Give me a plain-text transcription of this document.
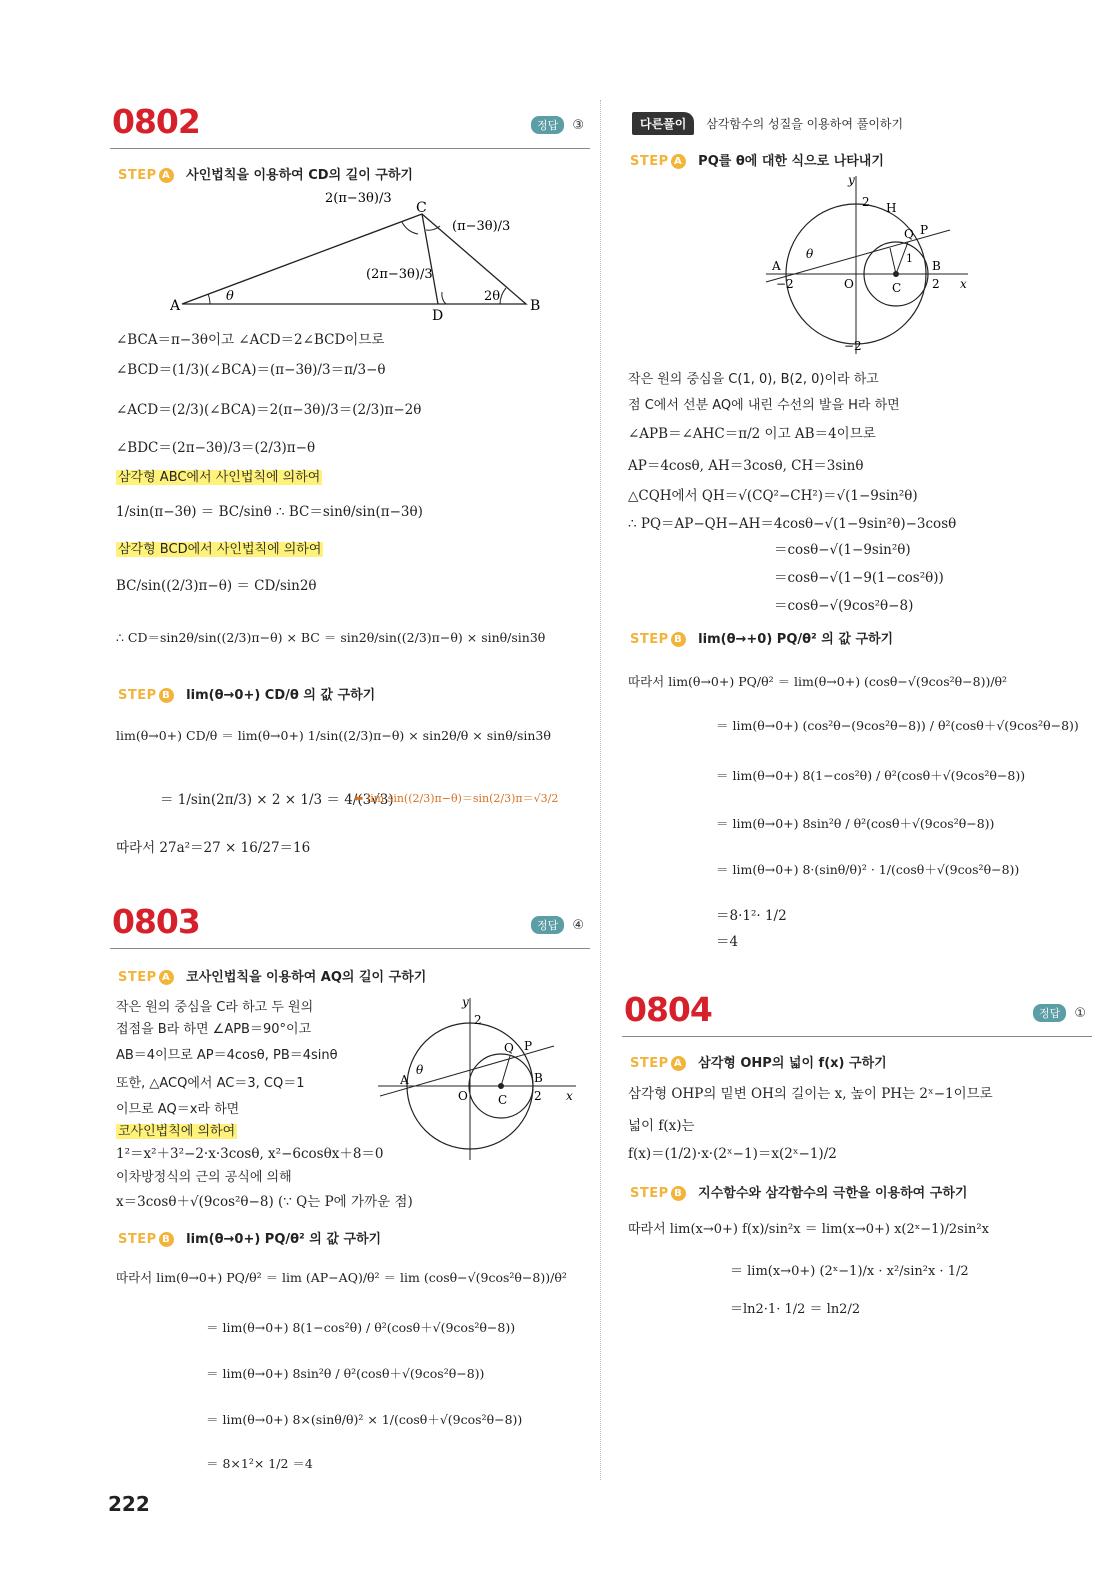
0802	정답 ③
STEP A 사인법칙을 이용하여 CD의 길이 구하기
A	B
C
D
2(π−3θ)/3
(π−3θ)/3
(2π−3θ)/3
θ	2θ
∠BCA＝π−3θ이고 ∠ACD＝2∠BCD이므로
∠BCD＝(1/3)(∠BCA)＝(π−3θ)/3＝π/3−θ
∠ACD＝(2/3)(∠BCA)＝2(π−3θ)/3＝(2/3)π−2θ
∠BDC＝(2π−3θ)/3＝(2/3)π−θ
삼각형 ABC에서 사인법칙에 의하여
1/sin(π−3θ) ＝ BC/sinθ ∴ BC＝sinθ/sin(π−3θ)
삼각형 BCD에서 사인법칙에 의하여
BC/sin((2/3)π−θ) ＝ CD/sin2θ
∴ CD＝sin2θ/sin((2/3)π−θ) × BC ＝ sin2θ/sin((2/3)π−θ) × sinθ/sin3θ
STEP B lim(θ→0+) CD/θ 의 값 구하기
lim(θ→0+) CD/θ ＝ lim(θ→0+) 1/sin((2/3)π−θ) × sin2θ/θ × sinθ/sin3θ
＝ 1/sin(2π/3) × 2 × 1/3 ＝ 4/(3√3)
⬅ lim sin((2/3)π−θ)＝sin(2/3)π＝√3/2
따라서 27a²＝27 × 16/27＝16
0803	정답 ④
STEP A 코사인법칙을 이용하여 AQ의 길이 구하기
작은 원의 중심을 C라 하고 두 원의
접점을 B라 하면 ∠APB＝90°이고
AB＝4이므로 AP＝4cosθ, PB＝4sinθ
또한, △ACQ에서 AC＝3, CQ＝1
이므로 AQ＝x라 하면
코사인법칙에 의하여
1²＝x²＋3²−2·x·3cosθ, x²−6cosθx＋8＝0
이차방정식의 근의 공식에 의해
x＝3cosθ＋√(9cos²θ−8) (∵ Q는 P에 가까운 점)
y
x
2
A
O	C
B
2
Q P
θ
STEP B lim(θ→0+) PQ/θ² 의 값 구하기
따라서 lim(θ→0+) PQ/θ² ＝ lim (AP−AQ)/θ² ＝ lim (cosθ−√(9cos²θ−8))/θ²
＝ lim(θ→0+) 8(1−cos²θ) / θ²(cosθ＋√(9cos²θ−8))
＝ lim(θ→0+) 8sin²θ / θ²(cosθ＋√(9cos²θ−8))
＝ lim(θ→0+) 8×(sinθ/θ)² × 1/(cosθ＋√(9cos²θ−8))
＝ 8×1²× 1/2 ＝4
다른풀이 삼각함수의 성질을 이용하여 풀이하기
STEP A PQ를 θ에 대한 식으로 나타내기
y
x
2
−2
−2
A
O	C
B
2
H
Q P
1
θ
작은 원의 중심을 C(1, 0), B(2, 0)이라 하고
점 C에서 선분 AQ에 내린 수선의 발을 H라 하면
∠APB＝∠AHC＝π/2 이고 AB＝4이므로
AP＝4cosθ, AH＝3cosθ, CH＝3sinθ
△CQH에서 QH＝√(CQ²−CH²)＝√(1−9sin²θ)
∴ PQ＝AP−QH−AH＝4cosθ−√(1−9sin²θ)−3cosθ
＝cosθ−√(1−9sin²θ)
＝cosθ−√(1−9(1−cos²θ))
＝cosθ−√(9cos²θ−8)
STEP B lim(θ→+0) PQ/θ² 의 값 구하기
따라서 lim(θ→0+) PQ/θ² ＝ lim(θ→0+) (cosθ−√(9cos²θ−8))/θ²
＝ lim(θ→0+) (cos²θ−(9cos²θ−8)) / θ²(cosθ＋√(9cos²θ−8))
＝ lim(θ→0+) 8(1−cos²θ) / θ²(cosθ＋√(9cos²θ−8))
＝ lim(θ→0+) 8sin²θ / θ²(cosθ＋√(9cos²θ−8))
＝ lim(θ→0+) 8·(sinθ/θ)² · 1/(cosθ＋√(9cos²θ−8))
＝8·1²· 1/2
＝4
0804	정답 ①
STEP A 삼각형 OHP의 넓이 f(x) 구하기
삼각형 OHP의 밑변 OH의 길이는 x, 높이 PH는 2ˣ−1이므로
넓이 f(x)는
f(x)＝(1/2)·x·(2ˣ−1)＝x(2ˣ−1)/2
STEP B 지수함수와 삼각함수의 극한을 이용하여 구하기
따라서 lim(x→0+) f(x)/sin²x ＝ lim(x→0+) x(2ˣ−1)/2sin²x
＝ lim(x→0+) (2ˣ−1)/x · x²/sin²x · 1/2
＝ln2·1· 1/2 ＝ ln2/2
222
